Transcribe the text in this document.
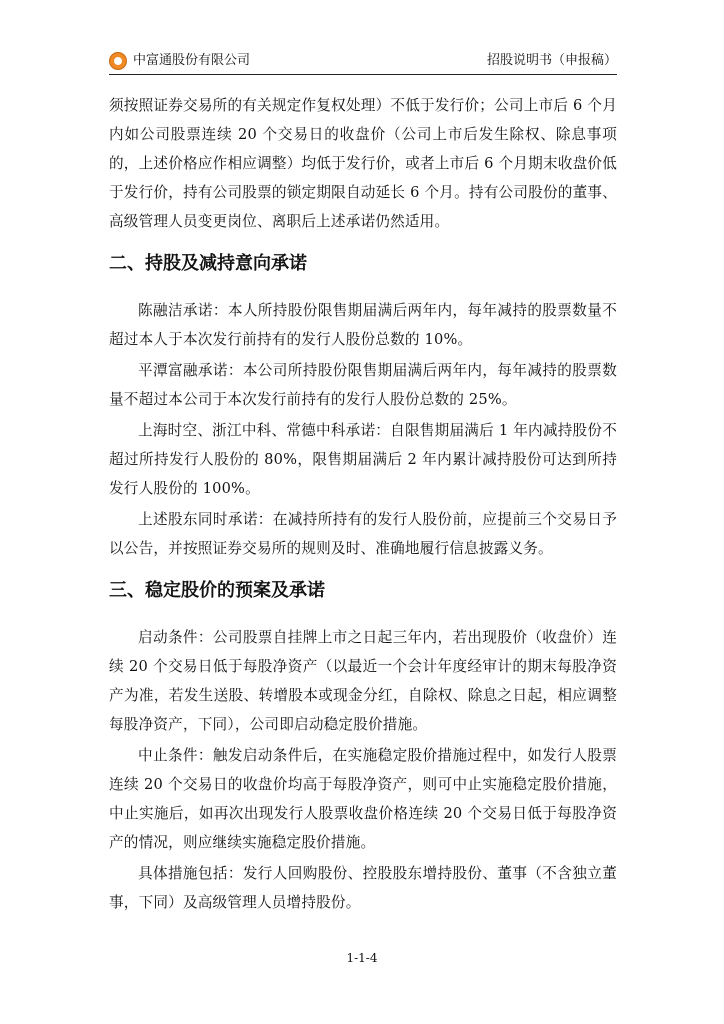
中富通股份有限公司	招股说明书（申报稿）

须按照证券交易所的有关规定作复权处理）不低于发行价；公司上市后 6 个月内如公司股票连续 20 个交易日的收盘价（公司上市后发生除权、除息事项的，上述价格应作相应调整）均低于发行价，或者上市后 6 个月期末收盘价低于发行价，持有公司股票的锁定期限自动延长 6 个月。持有公司股份的董事、高级管理人员变更岗位、离职后上述承诺仍然适用。

二、持股及减持意向承诺

陈融洁承诺：本人所持股份限售期届满后两年内，每年减持的股票数量不超过本人于本次发行前持有的发行人股份总数的 10%。

平潭富融承诺：本公司所持股份限售期届满后两年内，每年减持的股票数量不超过本公司于本次发行前持有的发行人股份总数的 25%。

上海时空、浙江中科、常德中科承诺：自限售期届满后 1 年内减持股份不超过所持发行人股份的 80%，限售期届满后 2 年内累计减持股份可达到所持发行人股份的 100%。

上述股东同时承诺：在减持所持有的发行人股份前，应提前三个交易日予以公告，并按照证券交易所的规则及时、准确地履行信息披露义务。

三、稳定股价的预案及承诺

启动条件：公司股票自挂牌上市之日起三年内，若出现股价（收盘价）连续 20 个交易日低于每股净资产（以最近一个会计年度经审计的期末每股净资产为准，若发生送股、转增股本或现金分红，自除权、除息之日起，相应调整每股净资产，下同），公司即启动稳定股价措施。

中止条件：触发启动条件后，在实施稳定股价措施过程中，如发行人股票连续 20 个交易日的收盘价均高于每股净资产，则可中止实施稳定股价措施，中止实施后，如再次出现发行人股票收盘价格连续 20 个交易日低于每股净资产的情况，则应继续实施稳定股价措施。

具体措施包括：发行人回购股份、控股股东增持股份、董事（不含独立董事，下同）及高级管理人员增持股份。

1-1-4
